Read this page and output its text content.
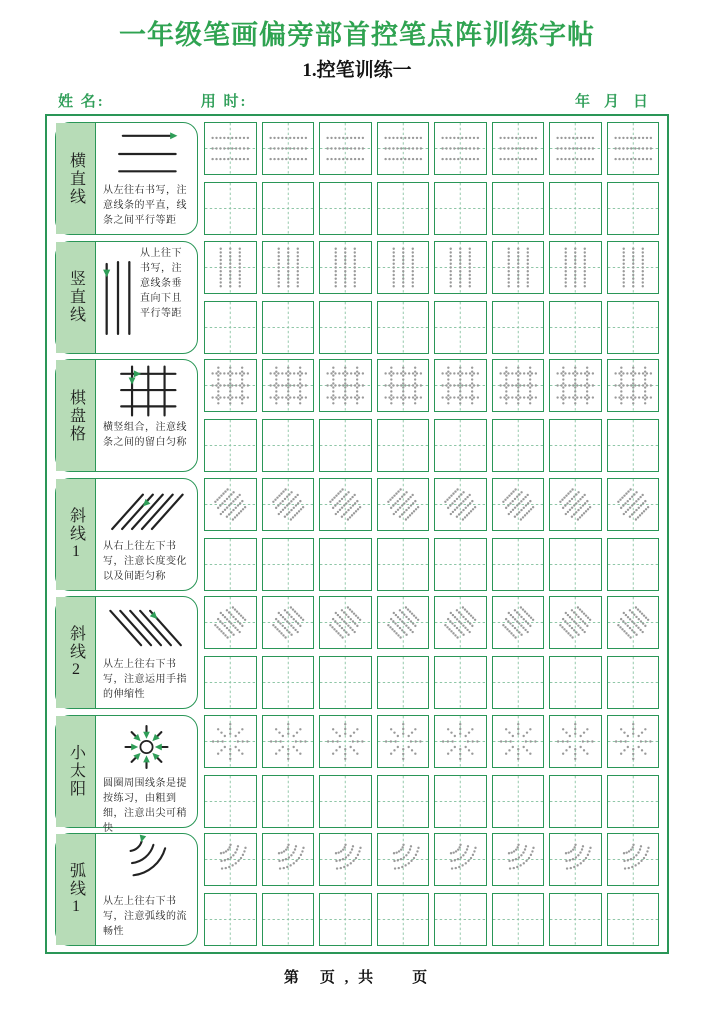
一年级笔画偏旁部首控笔点阵训练字帖
1.控笔训练一
姓 名:	用 时:	年月日
横直线 从左往右书写，注意线条的平直，线条之间平行等距
竖直线
从上往下书写，注意线条垂直向下且平行等距
棋盘格 横竖组合，注意线条之间的留白匀称
斜线1 从右上往左下书写，注意长度变化以及间距匀称
斜线2 从左上往右下书写，注意运用手指的伸缩性
小太阳 圆圈周围线条是提按练习，由粗到细，注意出尖可稍快
弧线1 从左上往右下书写，注意弧线的流畅性
第　页 , 共　　页
